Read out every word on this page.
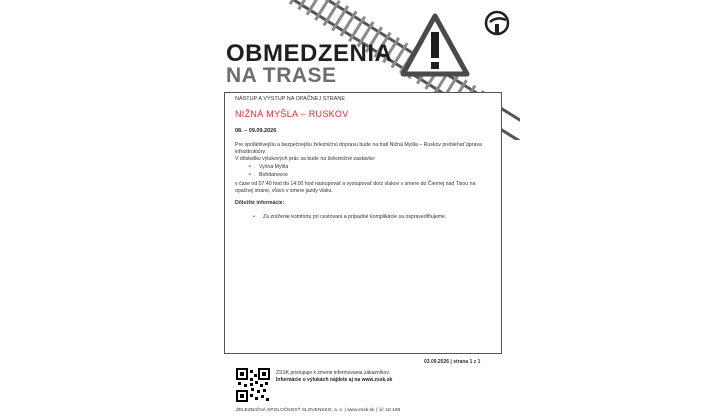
OBMEDZENIA
NA TRASE
NÁSTUP A VÝSTUP NA OPAČNEJ STRANE
NIŽNÁ MYŠLA – RUSKOV
08. – 09.09.2026
Pre spoľahlivejšiu a bezpečnejšiu železničnú dopravu bude na trati Nižná Myšla – Ruskov prebiehať úprava infraštruktúry.
V dôsledku výlukových prác sa bude na železničné zastávke:
• Vyšná Myšla
• Bohdanovce
v čase od 07:40 hod do 14:00 hod nastupovať a vystupovať do/z vlakov v smere do Čiernej nad Tisou na opačnej strane, vľavo v smere jazdy vlaku.
Dôležité informácie:
• Za zníženie komfortu pri cestovaní a prípadné komplikácie sa ospravedlňujeme.
03.09.2026 | strana 1 z 1
ZSSK pristupuje k zmene informovania zákazníkov.
Informácie o výlukách nájdete aj na www.zssk.sk
ŽELEZNIČNÁ SPOLOČNOSŤ SLOVENSKO, a. s. | www.zssk.sk | ☏ 18 188
